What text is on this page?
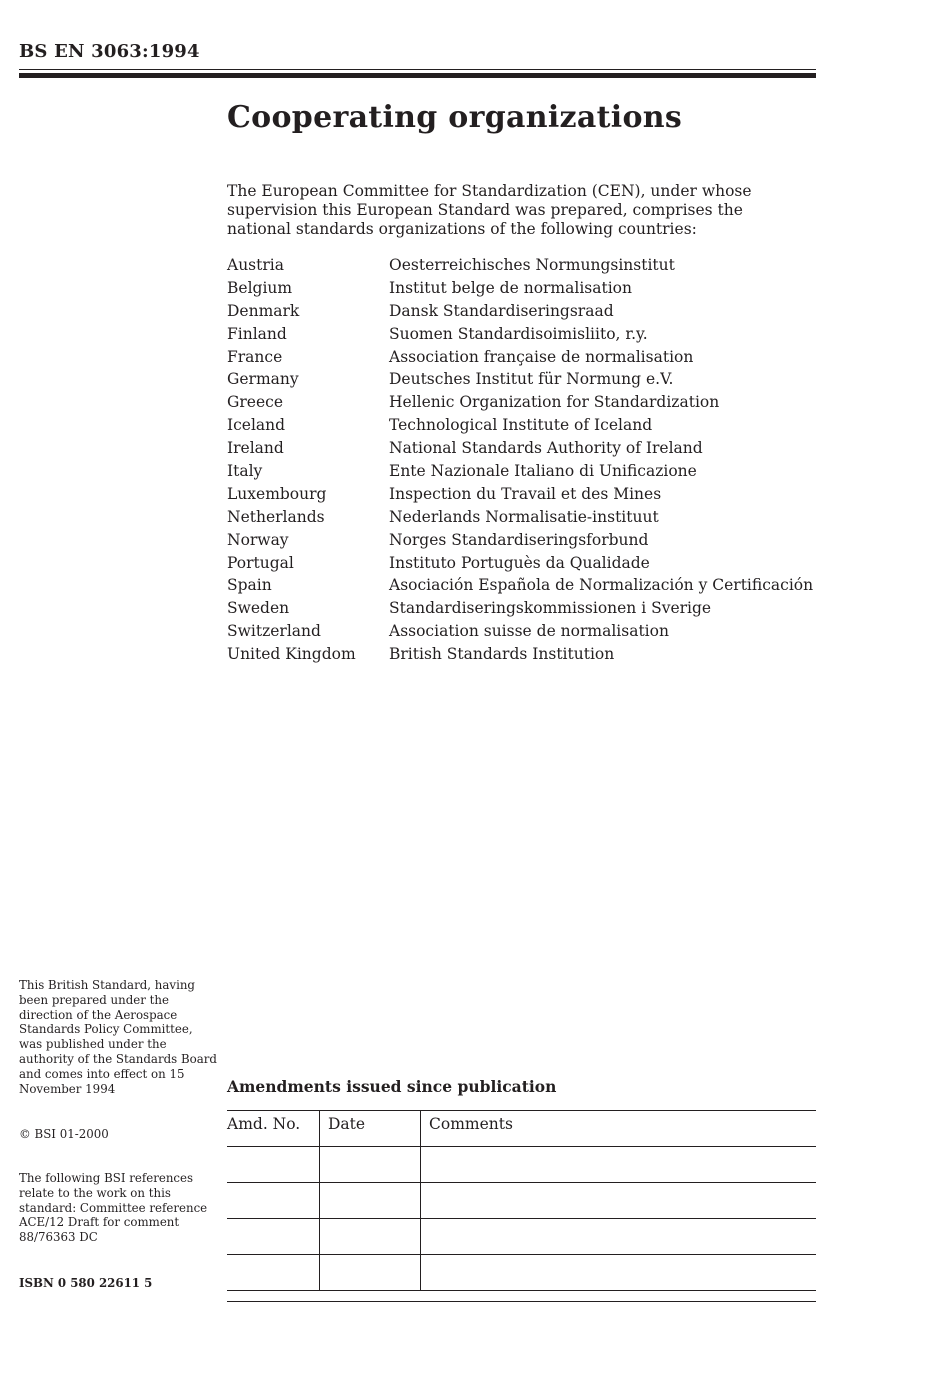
BS EN 3063:1994
Cooperating organizations

The European Committee for Standardization (CEN), under whose supervision this European Standard was prepared, comprises the national standards organizations of the following countries:

Austria	Oesterreichisches Normungsinstitut
Belgium	Institut belge de normalisation
Denmark	Dansk Standardiseringsraad
Finland	Suomen Standardisoimisliito, r.y.
France	Association française de normalisation
Germany	Deutsches Institut für Normung e.V.
Greece	Hellenic Organization for Standardization
Iceland	Technological Institute of Iceland
Ireland	National Standards Authority of Ireland
Italy	Ente Nazionale Italiano di Unificazione
Luxembourg	Inspection du Travail et des Mines
Netherlands	Nederlands Normalisatie-instituut
Norway	Norges Standardiseringsforbund
Portugal	Instituto Portuguès da Qualidade
Spain	Asociación Española de Normalización y Certificación
Sweden	Standardiseringskommissionen i Sverige
Switzerland	Association suisse de normalisation
United Kingdom	British Standards Institution

This British Standard, having been prepared under the direction of the Aerospace Standards Policy Committee, was published under the authority of the Standards Board and comes into effect on 15 November 1994

© BSI 01-2000

The following BSI references relate to the work on this standard: Committee reference ACE/12 Draft for comment 88/76363 DC

ISBN 0 580 22611 5

Amendments issued since publication
Amd. No.	Date	Comments
